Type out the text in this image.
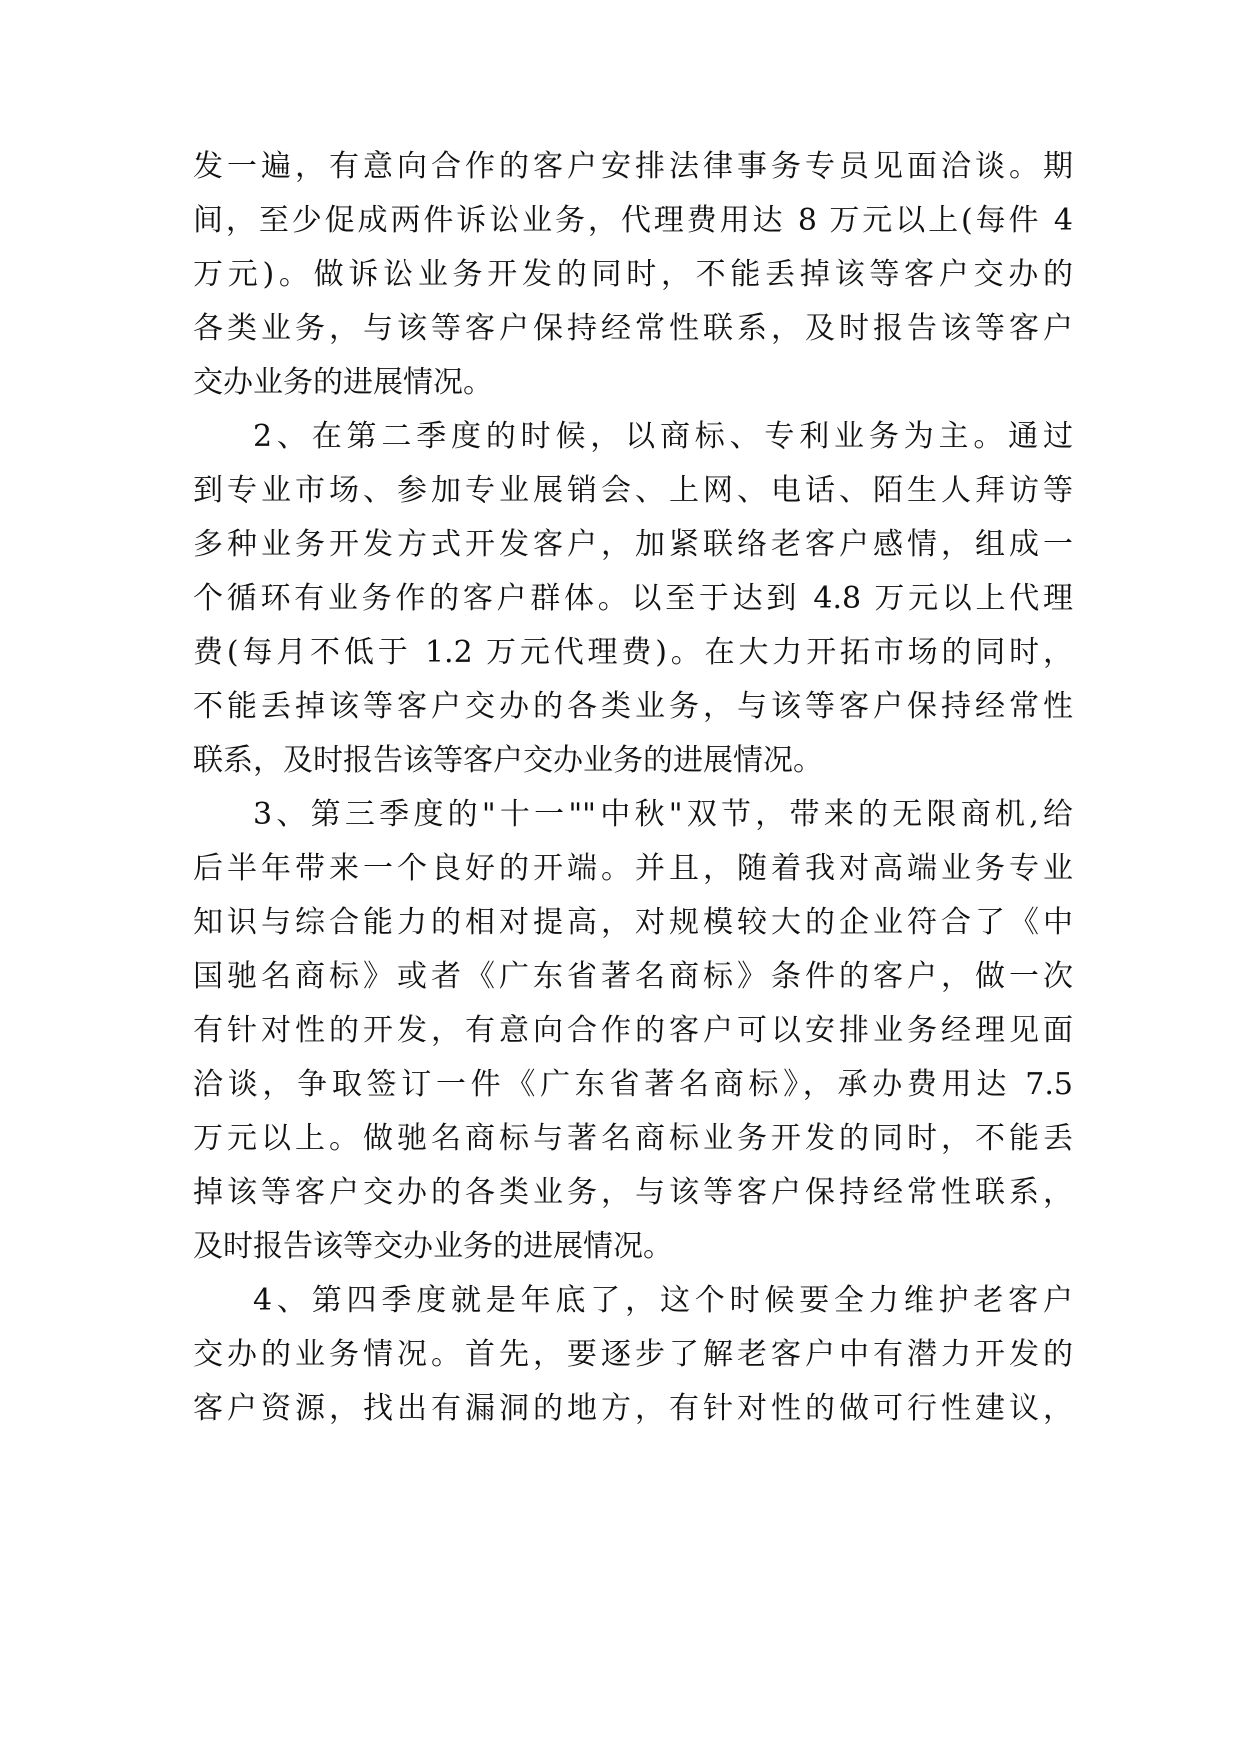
发一遍，有意向合作的客户安排法律事务专员见面洽谈。期

间，至少促成两件诉讼业务，代理费用达 8 万元以上(每件 4

万元)。做诉讼业务开发的同时，不能丢掉该等客户交办的

各类业务，与该等客户保持经常性联系，及时报告该等客户

交办业务的进展情况。

2、在第二季度的时候，以商标、专利业务为主。通过

到专业市场、参加专业展销会、上网、电话、陌生人拜访等

多种业务开发方式开发客户，加紧联络老客户感情，组成一

个循环有业务作的客户群体。以至于达到 4.8 万元以上代理

费(每月不低于 1.2 万元代理费)。在大力开拓市场的同时，

不能丢掉该等客户交办的各类业务，与该等客户保持经常性

联系，及时报告该等客户交办业务的进展情况。

3、第三季度的"十一""中秋"双节，带来的无限商机,给

后半年带来一个良好的开端。并且，随着我对高端业务专业

知识与综合能力的相对提高，对规模较大的企业符合了《中

国驰名商标》或者《广东省著名商标》条件的客户，做一次

有针对性的开发，有意向合作的客户可以安排业务经理见面

洽谈，争取签订一件《广东省著名商标》，承办费用达 7.5

万元以上。做驰名商标与著名商标业务开发的同时，不能丢

掉该等客户交办的各类业务，与该等客户保持经常性联系，

及时报告该等交办业务的进展情况。

4、第四季度就是年底了，这个时候要全力维护老客户

交办的业务情况。首先，要逐步了解老客户中有潜力开发的

客户资源，找出有漏洞的地方，有针对性的做可行性建议，
